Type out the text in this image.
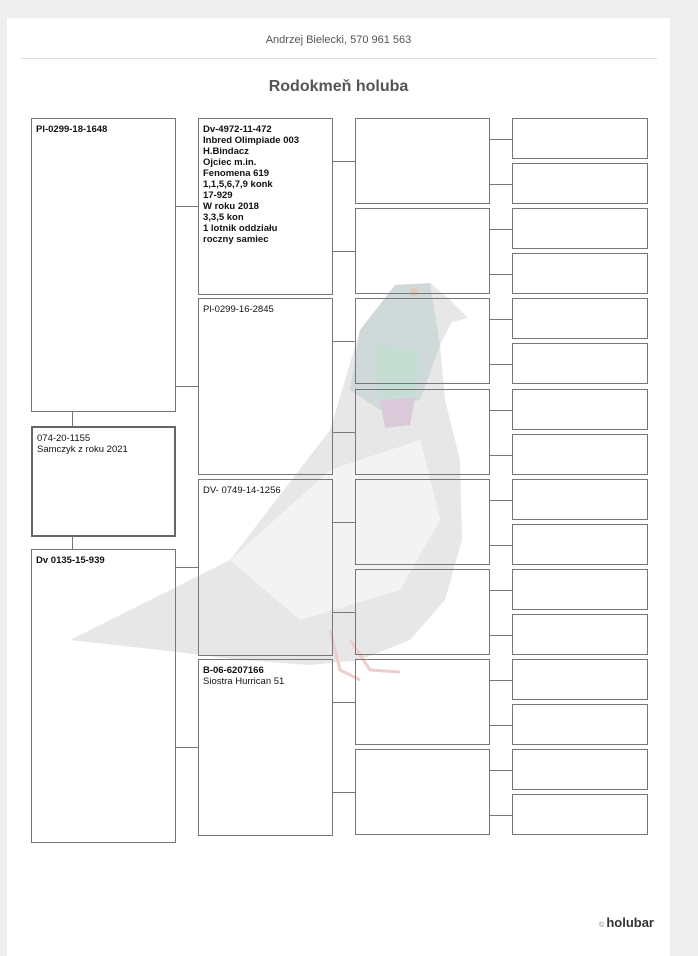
Andrzej Bielecki, 570 961 563
Rodokmeň holuba
Pl-0299-18-1648
074-20-1155
Samczyk z roku 2021
Dv 0135-15-939
Dv-4972-11-472
Inbred Olimpiade 003
H.Bindacz
Ojciec m.in.
Fenomena 619
1,1,5,6,7,9 konk
17-929
W roku 2018
3,3,5 kon
1 lotnik oddziału
roczny samiec
Pl-0299-16-2845
DV- 0749-14-1256
B-06-6207166
Siostra Hurrican 51
© holubar
